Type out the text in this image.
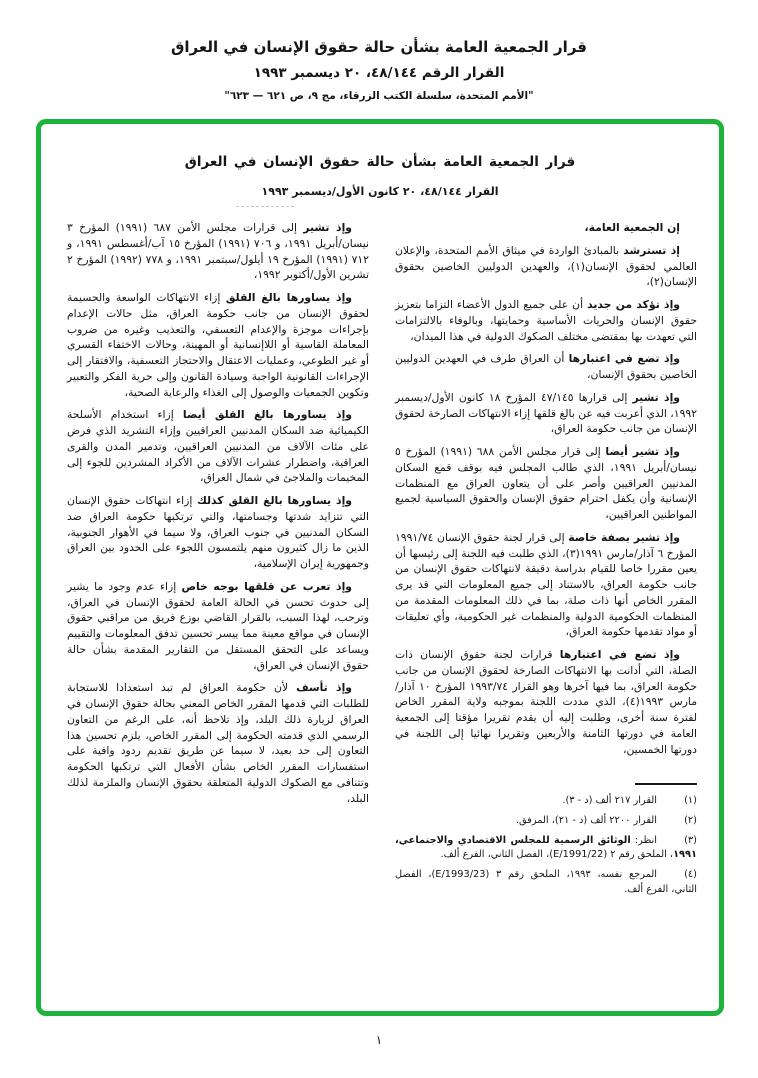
قرار الجمعية العامة بشأن حالة حقوق الإنسان في العراق

القرار الرقم ٤٨/١٤٤، ٢٠ ديسمبر ١٩٩٣

"الأمم المتحدة، سلسلة الكتب الزرقاء، مج ٩، ص ٦٢١ — ٦٢٣"

قرار الجمعية العامة بشأن حالة حقوق الإنسان في العراق

القرار ٤٨/١٤٤، ٢٠ كانون الأول/ديسمبر ١٩٩٣

إن الجمعية العامة،

إذ تسترشد بالمبادئ الواردة في ميثاق الأمم المتحدة، والإعلان العالمي لحقوق الإنسان(١)، والعهدين الدوليين الخاصين بحقوق الإنسان(٢)،

وإذ تؤكد من جديد أن على جميع الدول الأعضاء التزاما بتعزيز حقوق الإنسان والحريات الأساسية وحمايتها، وبالوفاء بالالتزامات التي تعهدت بها بمقتضى مختلف الصكوك الدولية في هذا الميدان،

وإذ تضع في اعتبارها أن العراق طرف في العهدين الدوليين الخاصين بحقوق الإنسان،

وإذ تشير إلى قرارها ٤٧/١٤٥ المؤرخ ١٨ كانون الأول/ديسمبر ١٩٩٢، الذي أعربت فيه عن بالغ قلقها إزاء الانتهاكات الصارخة لحقوق الإنسان من جانب حكومة العراق،

وإذ تشير أيضا إلى قرار مجلس الأمن ٦٨٨ (١٩٩١) المؤرخ ٥ نيسان/أبريل ١٩٩١، الذي طالب المجلس فيه بوقف قمع السكان المدنيين العراقيين وأصر على أن يتعاون العراق مع المنظمات الإنسانية وأن يكفل احترام حقوق الإنسان والحقوق السياسية لجميع المواطنين العراقيين،

وإذ تشير بصفة خاصة إلى قرار لجنة حقوق الإنسان ١٩٩١/٧٤ المؤرخ ٦ آذار/مارس ١٩٩١(٣)، الذي طلبت فيه اللجنة إلى رئيسها أن يعين مقررا خاصا للقيام بدراسة دقيقة لانتهاكات حقوق الإنسان من جانب حكومة العراق، بالاستناد إلى جميع المعلومات التي قد يرى المقرر الخاص أنها ذات صلة، بما في ذلك المعلومات المقدمة من المنظمات الحكومية الدولية والمنظمات غير الحكومية، وأي تعليقات أو مواد تقدمها حكومة العراق،

وإذ تضع في اعتبارها قرارات لجنة حقوق الإنسان ذات الصلة، التي أدانت بها الانتهاكات الصارخة لحقوق الإنسان من جانب حكومة العراق، بما فيها آخرها وهو القرار ١٩٩٣/٧٤ المؤرخ ١٠ آذار/مارس ١٩٩٣(٤)، الذي مددت اللجنة بموجبه ولاية المقرر الخاص لفترة سنة أخرى، وطلبت إليه أن يقدم تقريرا مؤقتا إلى الجمعية العامة في دورتها الثامنة والأربعين وتقريرا نهائيا إلى اللجنة في دورتها الخمسين،

(١)القرار ٢١٧ ألف (د - ٣).
(٢)القرار ٢٢٠٠ ألف (د - ٢١)، المرفق.
(٣)انظر: الوثائق الرسمية للمجلس الاقتصادي والاجتماعي، ١٩٩١، الملحق رقم ٢ (E/1991/22)، الفصل الثاني، الفرع ألف.
(٤)المرجع نفسه، ١٩٩٣، الملحق رقم ٣ (E/1993/23)، الفصل الثاني، الفرع ألف.

وإذ تشير إلى قرارات مجلس الأمن ٦٨٧ (١٩٩١) المؤرخ ٣ نيسان/أبريل ١٩٩١، و ٧٠٦ (١٩٩١) المؤرخ ١٥ آب/أغسطس ١٩٩١، و ٧١٢ (١٩٩١) المؤرخ ١٩ أيلول/سبتمبر ١٩٩١، و ٧٧٨ (١٩٩٢) المؤرخ ٢ تشرين الأول/أكتوبر ١٩٩٢،

وإذ يساورها بالغ القلق إزاء الانتهاكات الواسعة والجسيمة لحقوق الإنسان من جانب حكومة العراق، مثل حالات الإعدام بإجراءات موجزة والإعدام التعسفي، والتعذيب وغيره من ضروب المعاملة القاسية أو اللاإنسانية أو المهينة، وحالات الاختفاء القسري أو غير الطوعي، وعمليات الاعتقال والاحتجاز التعسفية، والافتقار إلى الإجراءات القانونية الواجبة وسيادة القانون وإلى حرية الفكر والتعبير وتكوين الجمعيات والوصول إلى الغذاء والرعاية الصحية،

وإذ يساورها بالغ القلق أيضا إزاء استخدام الأسلحة الكيميائية ضد السكان المدنيين العراقيين وإزاء التشريد الذي فرض على مئات الآلاف من المدنيين العراقيين، وتدمير المدن والقرى العراقية، واضطرار عشرات الآلاف من الأكراد المشردين للجوء إلى المخيمات والملاجئ في شمال العراق،

وإذ يساورها بالغ القلق كذلك إزاء انتهاكات حقوق الإنسان التي تتزايد شدتها وجسامتها، والتي ترتكبها حكومة العراق ضد السكان المدنيين في جنوب العراق، ولا سيما في الأهوار الجنوبية، الذين ما زال كثيرون منهم يلتمسون اللجوء على الحدود بين العراق وجمهورية إيران الإسلامية،

وإذ تعرب عن قلقها بوجه خاص إزاء عدم وجود ما يشير إلى حدوث تحسن في الحالة العامة لحقوق الإنسان في العراق، وترحب، لهذا السبب، بالقرار القاضي بوزع فريق من مراقبي حقوق الإنسان في مواقع معينة مما ييسر تحسين تدفق المعلومات والتقييم ويساعد على التحقق المستقل من التقارير المقدمة بشأن حالة حقوق الإنسان في العراق،

وإذ تأسف لأن حكومة العراق لم تبد استعدادا للاستجابة للطلبات التي قدمها المقرر الخاص المعني بحالة حقوق الإنسان في العراق لزيارة ذلك البلد، وإذ تلاحظ أنه، على الرغم من التعاون الرسمي الذي قدمته الحكومة إلى المقرر الخاص، يلزم تحسين هذا التعاون إلى حد بعيد، لا سيما عن طريق تقديم ردود وافية على استفسارات المقرر الخاص بشأن الأفعال التي ترتكبها الحكومة وتتنافى مع الصكوك الدولية المتعلقة بحقوق الإنسان والملزمة لذلك البلد،

١
